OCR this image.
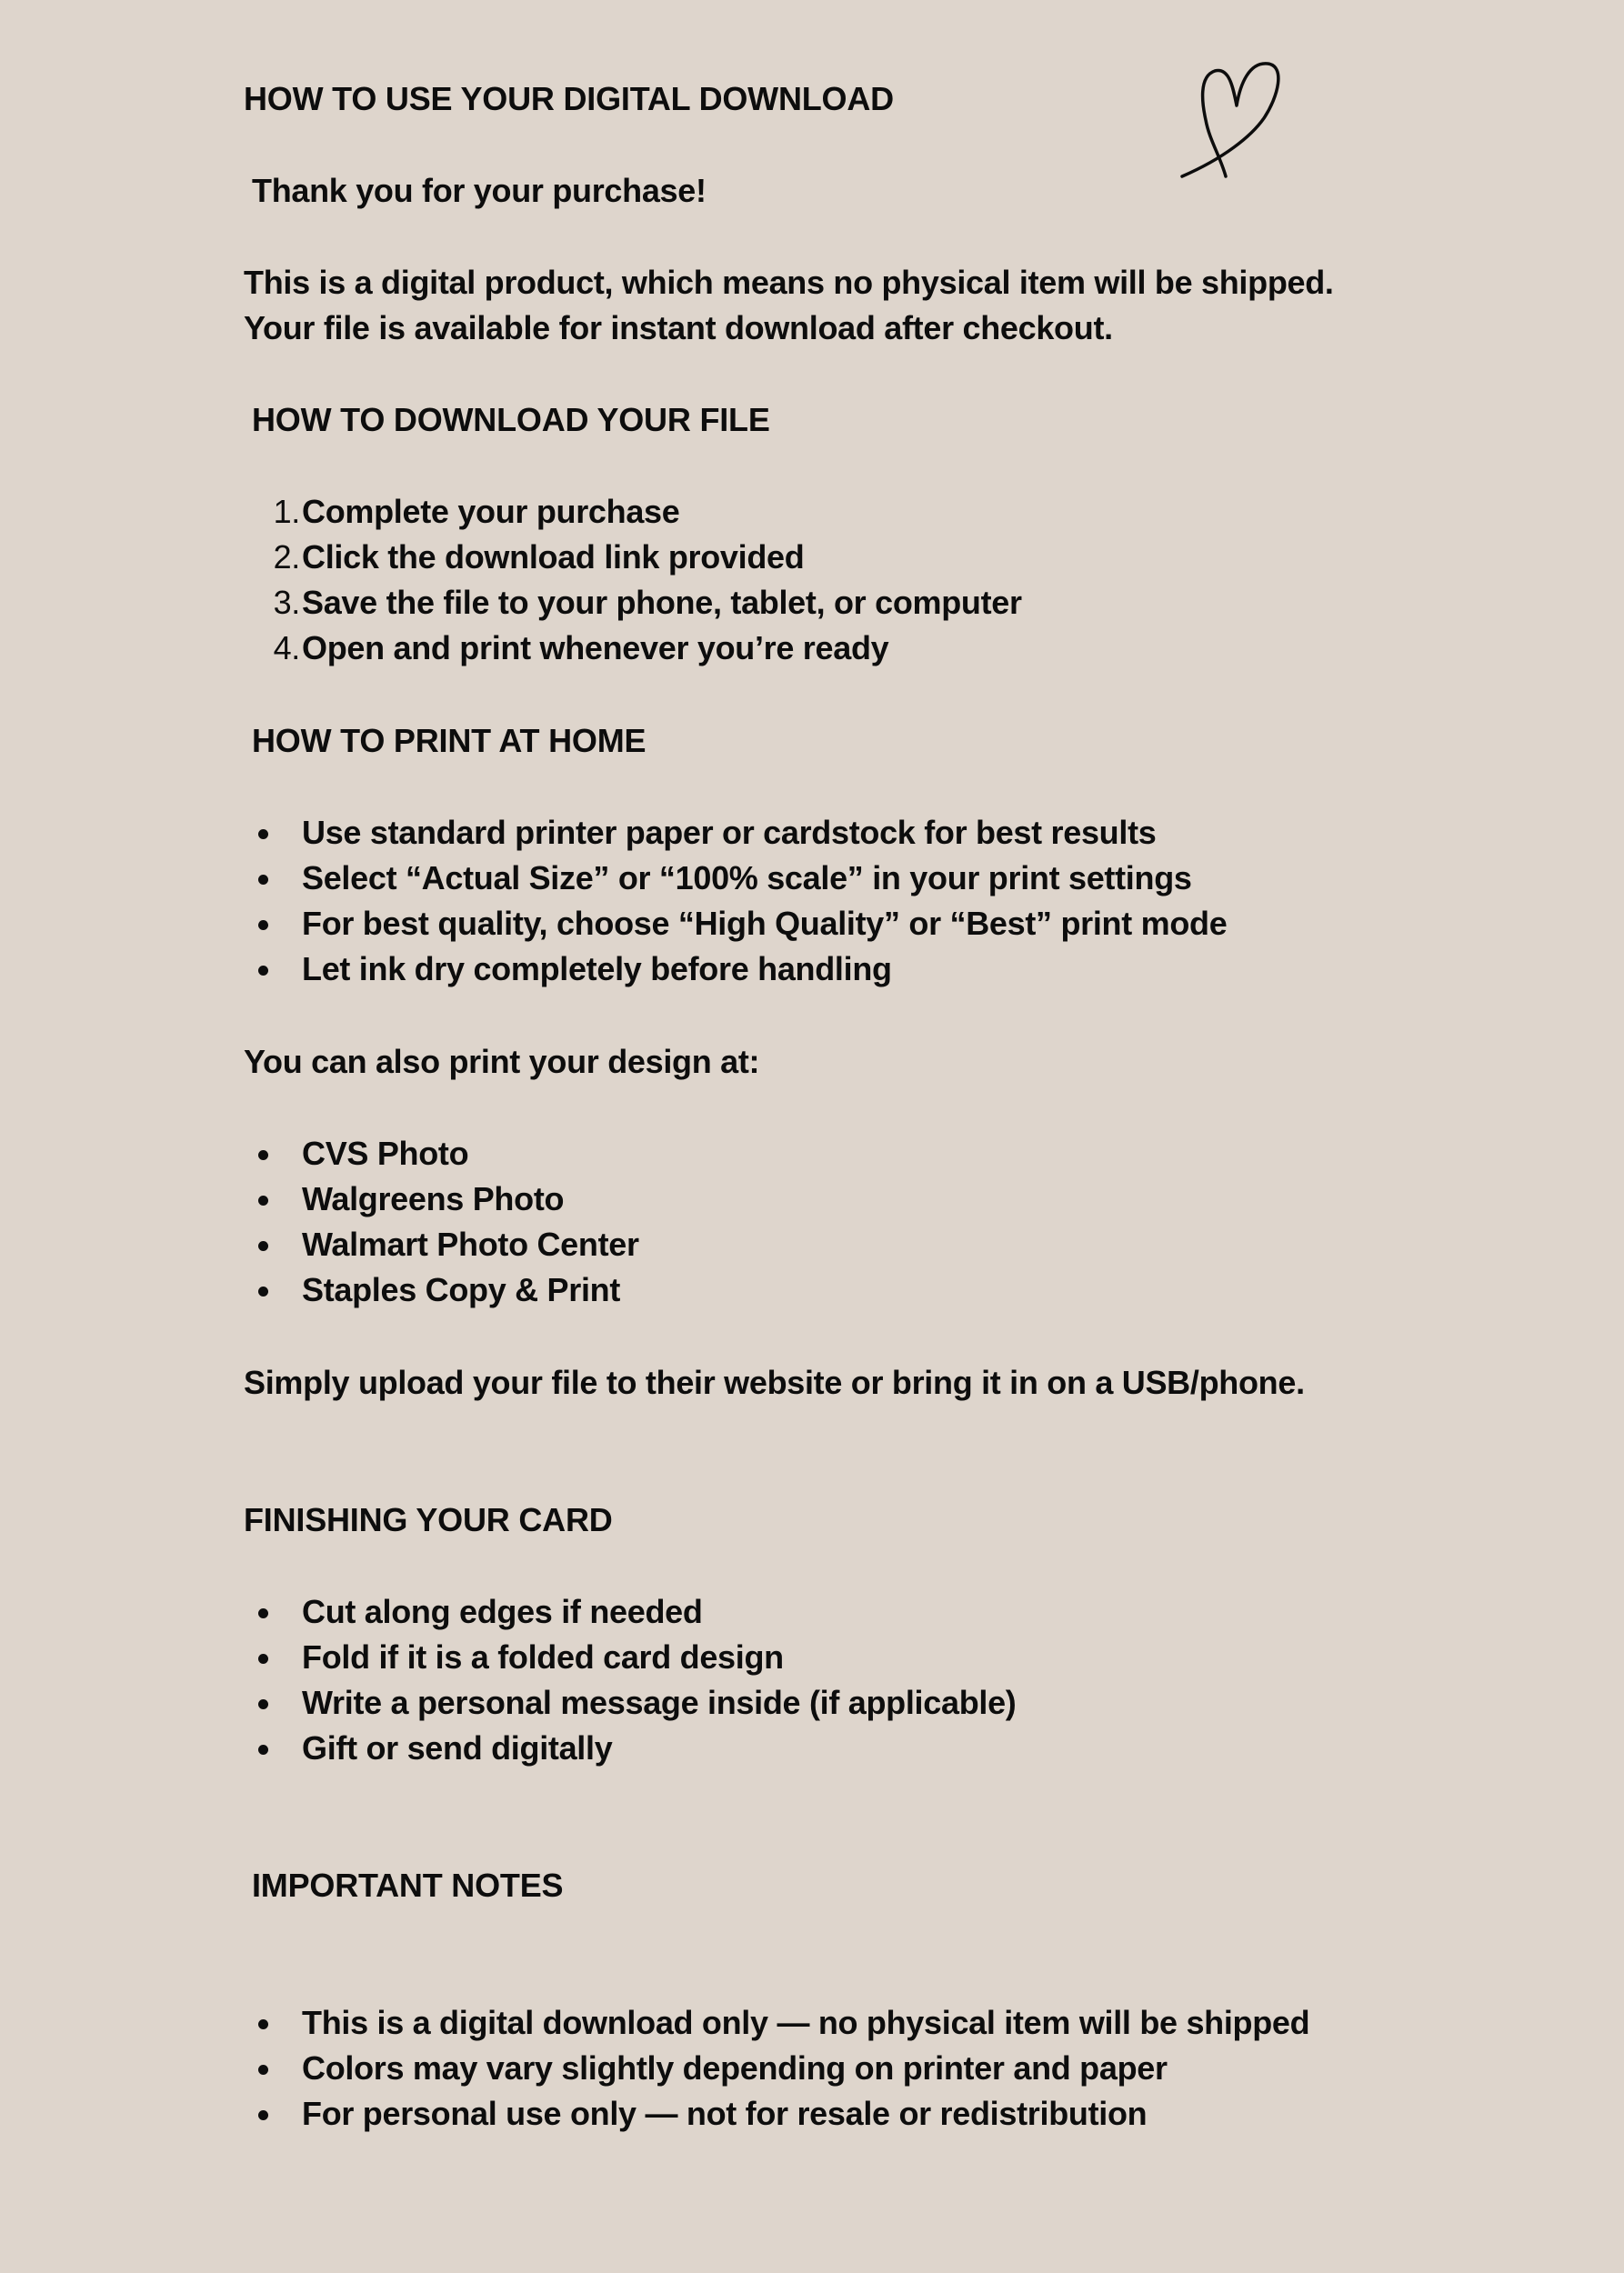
HOW TO USE YOUR DIGITAL DOWNLOAD

Thank you for your purchase!

This is a digital product, which means no physical item will be shipped.

Your file is available for instant download after checkout.

HOW TO DOWNLOAD YOUR FILE
1. Complete your purchase
2. Click the download link provided
3. Save the file to your phone, tablet, or computer
4. Open and print whenever you’re ready
HOW TO PRINT AT HOME
Use standard printer paper or cardstock for best results
Select “Actual Size” or “100% scale” in your print settings
For best quality, choose “High Quality” or “Best” print mode
Let ink dry completely before handling

You can also print your design at:

CVS Photo
Walgreens Photo
Walmart Photo Center
Staples Copy & Print

Simply upload your file to their website or bring it in on a USB/phone.

FINISHING YOUR CARD
Cut along edges if needed
Fold if it is a folded card design
Write a personal message inside (if applicable)
Gift or send digitally
IMPORTANT NOTES
This is a digital download only — no physical item will be shipped
Colors may vary slightly depending on printer and paper
For personal use only — not for resale or redistribution
